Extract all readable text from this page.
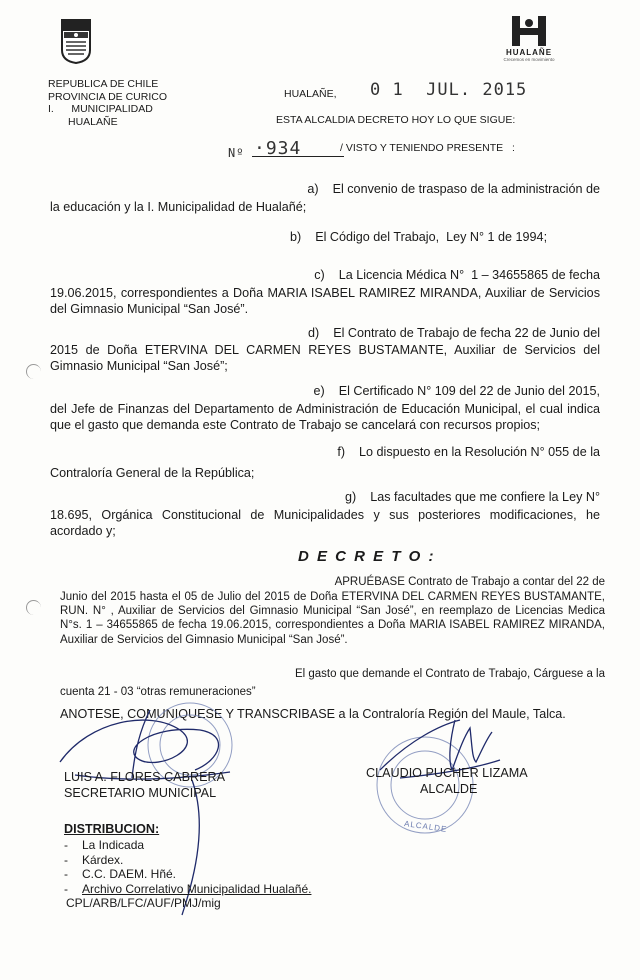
REPUBLICA DE CHILE
PROVINCIA DE CURICO
I.      MUNICIPALIDAD
HUALAÑE
HUALAÑE
Crecemos en movimiento
HUALAÑE, 0 1  JUL. 2015
ESTA ALCALDIA DECRETO HOY LO QUE SIGUE:
Nº ·934	/ VISTO Y TENIENDO PRESENTE   :
a)    El convenio de traspaso de la administración de
la educación y la I. Municipalidad de Hualañé;
b)    El Código del Trabajo,  Ley N° 1 de 1994;
c)    La Licencia Médica N°  1 – 34655865 de fecha
19.06.2015, correspondientes a Doña MARIA ISABEL RAMIREZ MIRANDA, Auxiliar de Servicios del Gimnasio Municipal “San José”.
d)    El Contrato de Trabajo de fecha 22 de Junio del
2015 de Doña ETERVINA DEL CARMEN REYES BUSTAMANTE, Auxiliar de Servicios del Gimnasio Municipal “San José”;
e)    El Certificado N° 109 del 22 de Junio del 2015,
del Jefe de Finanzas del Departamento de Administración de Educación Municipal, el cual indica que el gasto que demanda este Contrato de Trabajo se cancelará con recursos propios;
f)    Lo dispuesto en la Resolución N° 055 de la
Contraloría General de la República;
g)    Las facultades que me confiere la Ley N°
18.695, Orgánica Constitucional de Municipalidades y sus posteriores modificaciones, he acordado y;
D E C R E T O :
APRUÉBASE Contrato de Trabajo a contar del 22 de
Junio del 2015 hasta el 05 de Julio del 2015 de Doña ETERVINA DEL CARMEN REYES BUSTAMANTE, RUN. N° , Auxiliar de Servicios del Gimnasio Municipal “San José”, en reemplazo de Licencias Medica N°s. 1 – 34655865 de fecha 19.06.2015, correspondientes a Doña MARIA ISABEL RAMIREZ MIRANDA, Auxiliar de Servicios del Gimnasio Municipal “San José”.
El gasto que demande el Contrato de Trabajo, Cárguese a la
cuenta 21 - 03 “otras remuneraciones”
ANOTESE, COMUNIQUESE Y TRANSCRIBASE a la Contraloría Región del Maule, Talca.
LUIS A. FLORES CABRERA
SECRETARIO MUNICIPAL
CLAUDIO PUCHER LIZAMA
ALCALDE
ALCALDE
DISTRIBUCION:
- La Indicada
- Kárdex.
- C.C. DAEM. Hñé.
- Archivo Correlativo Municipalidad Hualañé.
CPL/ARB/LFC/AUF/PMJ/mig
